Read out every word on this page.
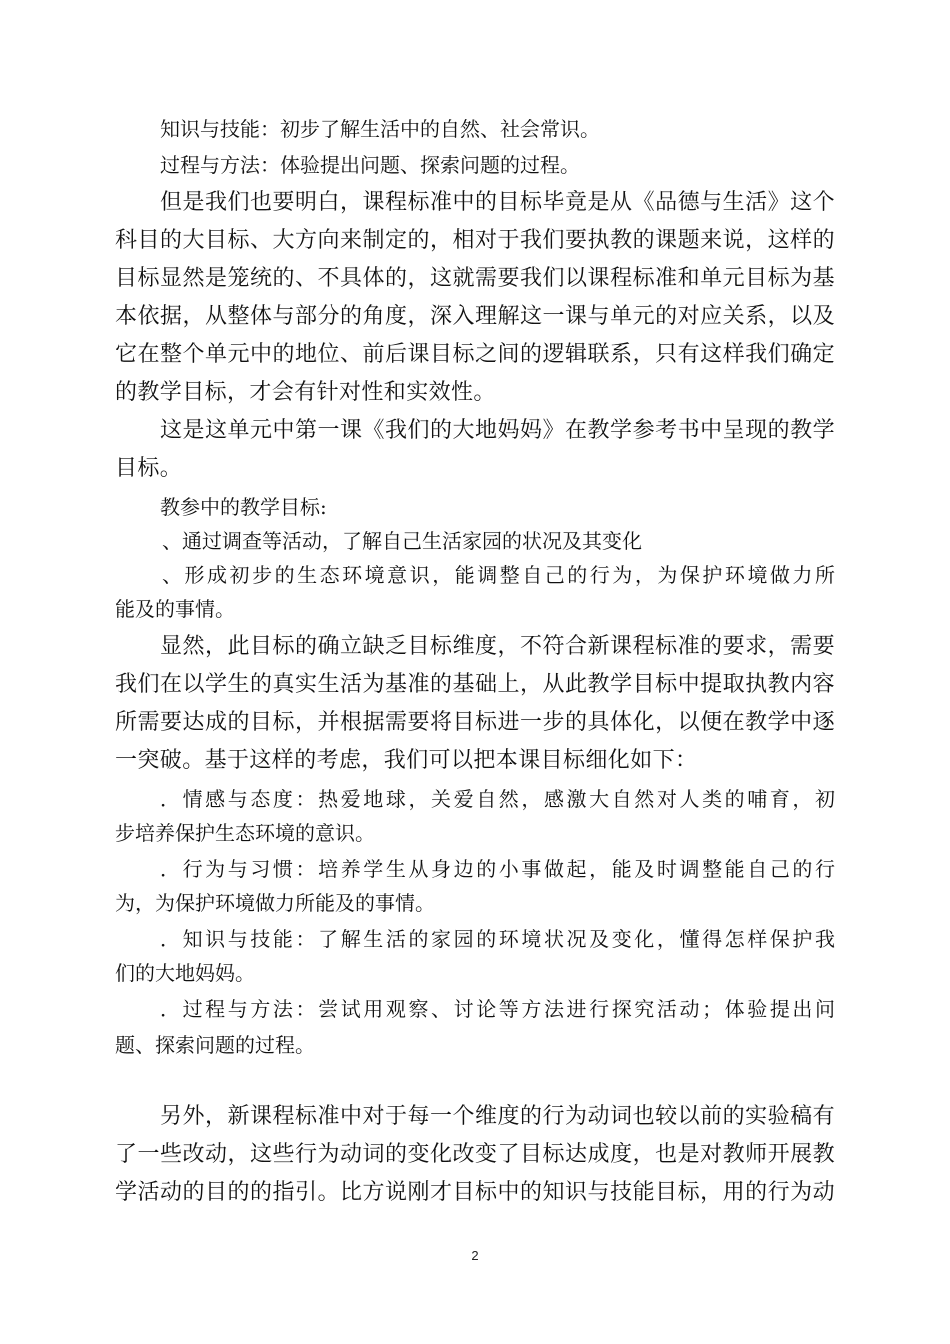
知识与技能：初步了解生活中的自然、社会常识。
过程与方法：体验提出问题、探索问题的过程。
但是我们也要明白，课程标准中的目标毕竟是从《品德与生活》这个
科目的大目标、大方向来制定的，相对于我们要执教的课题来说，这样的
目标显然是笼统的、不具体的，这就需要我们以课程标准和单元目标为基
本依据，从整体与部分的角度，深入理解这一课与单元的对应关系，以及
它在整个单元中的地位、前后课目标之间的逻辑联系，只有这样我们确定
的教学目标，才会有针对性和实效性。
这是这单元中第一课《我们的大地妈妈》在教学参考书中呈现的教学
目标。
教参中的教学目标:
、通过调查等活动，了解自己生活家园的状况及其变化
、形成初步的生态环境意识，能调整自己的行为，为保护环境做力所
能及的事情。
显然，此目标的确立缺乏目标维度，不符合新课程标准的要求，需要
我们在以学生的真实生活为基准的基础上，从此教学目标中提取执教内容
所需要达成的目标，并根据需要将目标进一步的具体化，以便在教学中逐
一突破。基于这样的考虑，我们可以把本课目标细化如下：
．情感与态度：热爱地球，关爱自然，感激大自然对人类的哺育，初
步培养保护生态环境的意识。
．行为与习惯：培养学生从身边的小事做起，能及时调整能自己的行
为，为保护环境做力所能及的事情。
．知识与技能：了解生活的家园的环境状况及变化，懂得怎样保护我
们的大地妈妈。
．过程与方法：尝试用观察、讨论等方法进行探究活动；体验提出问
题、探索问题的过程。
另外，新课程标准中对于每一个维度的行为动词也较以前的实验稿有
了一些改动，这些行为动词的变化改变了目标达成度，也是对教师开展教
学活动的目的的指引。比方说刚才目标中的知识与技能目标，用的行为动
2
